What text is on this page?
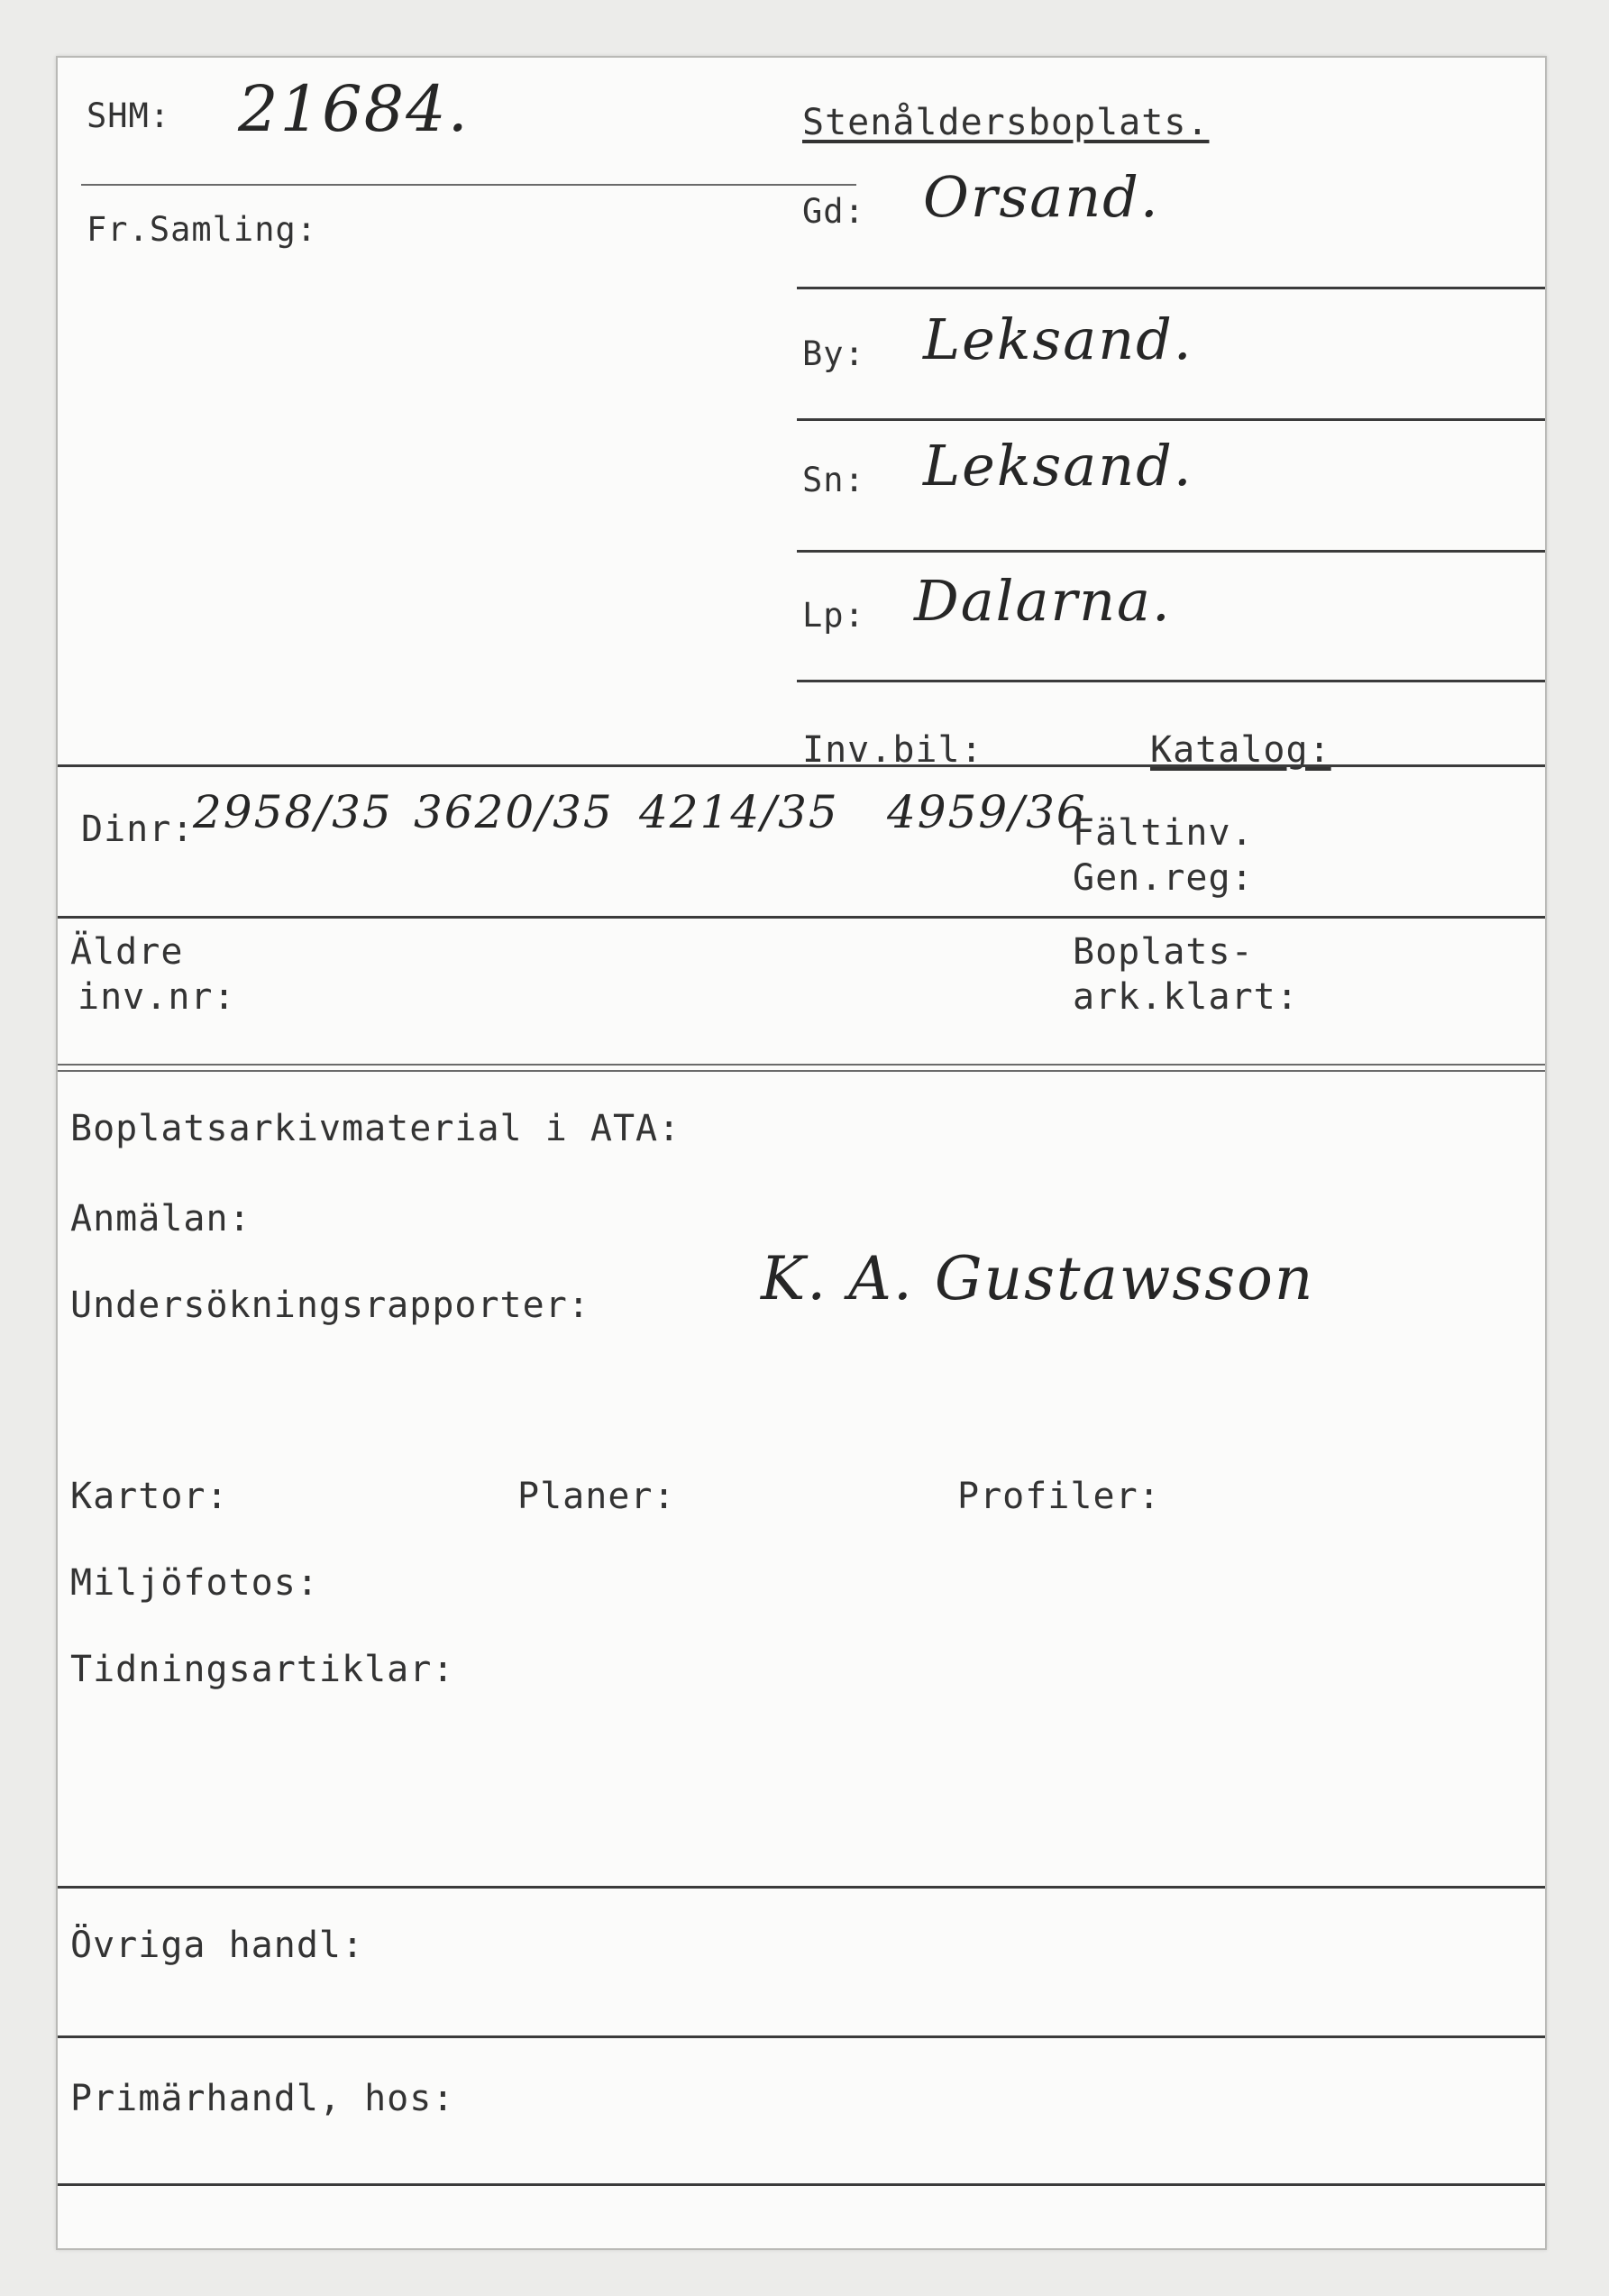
SHM: 21684.	Stenåldersboplats.
Fr.Samling:	Gd: Orsand.
By: Leksand.
Sn: Leksand.
Lp: Dalarna.
Inv.bil:	Katalog:
Dinr:
2958/35 3620/35 4214/35 4959/36
Fältinv.
Gen.reg:
Äldre
inv.nr:
Boplats-
ark.klart:
Boplatsarkivmaterial i ATA:
Anmälan:
Undersökningsrapporter:	K. A. Gustawsson
Kartor:	Planer:	Profiler:
Miljöfotos:
Tidningsartiklar:
Övriga handl:
Primärhandl, hos:
